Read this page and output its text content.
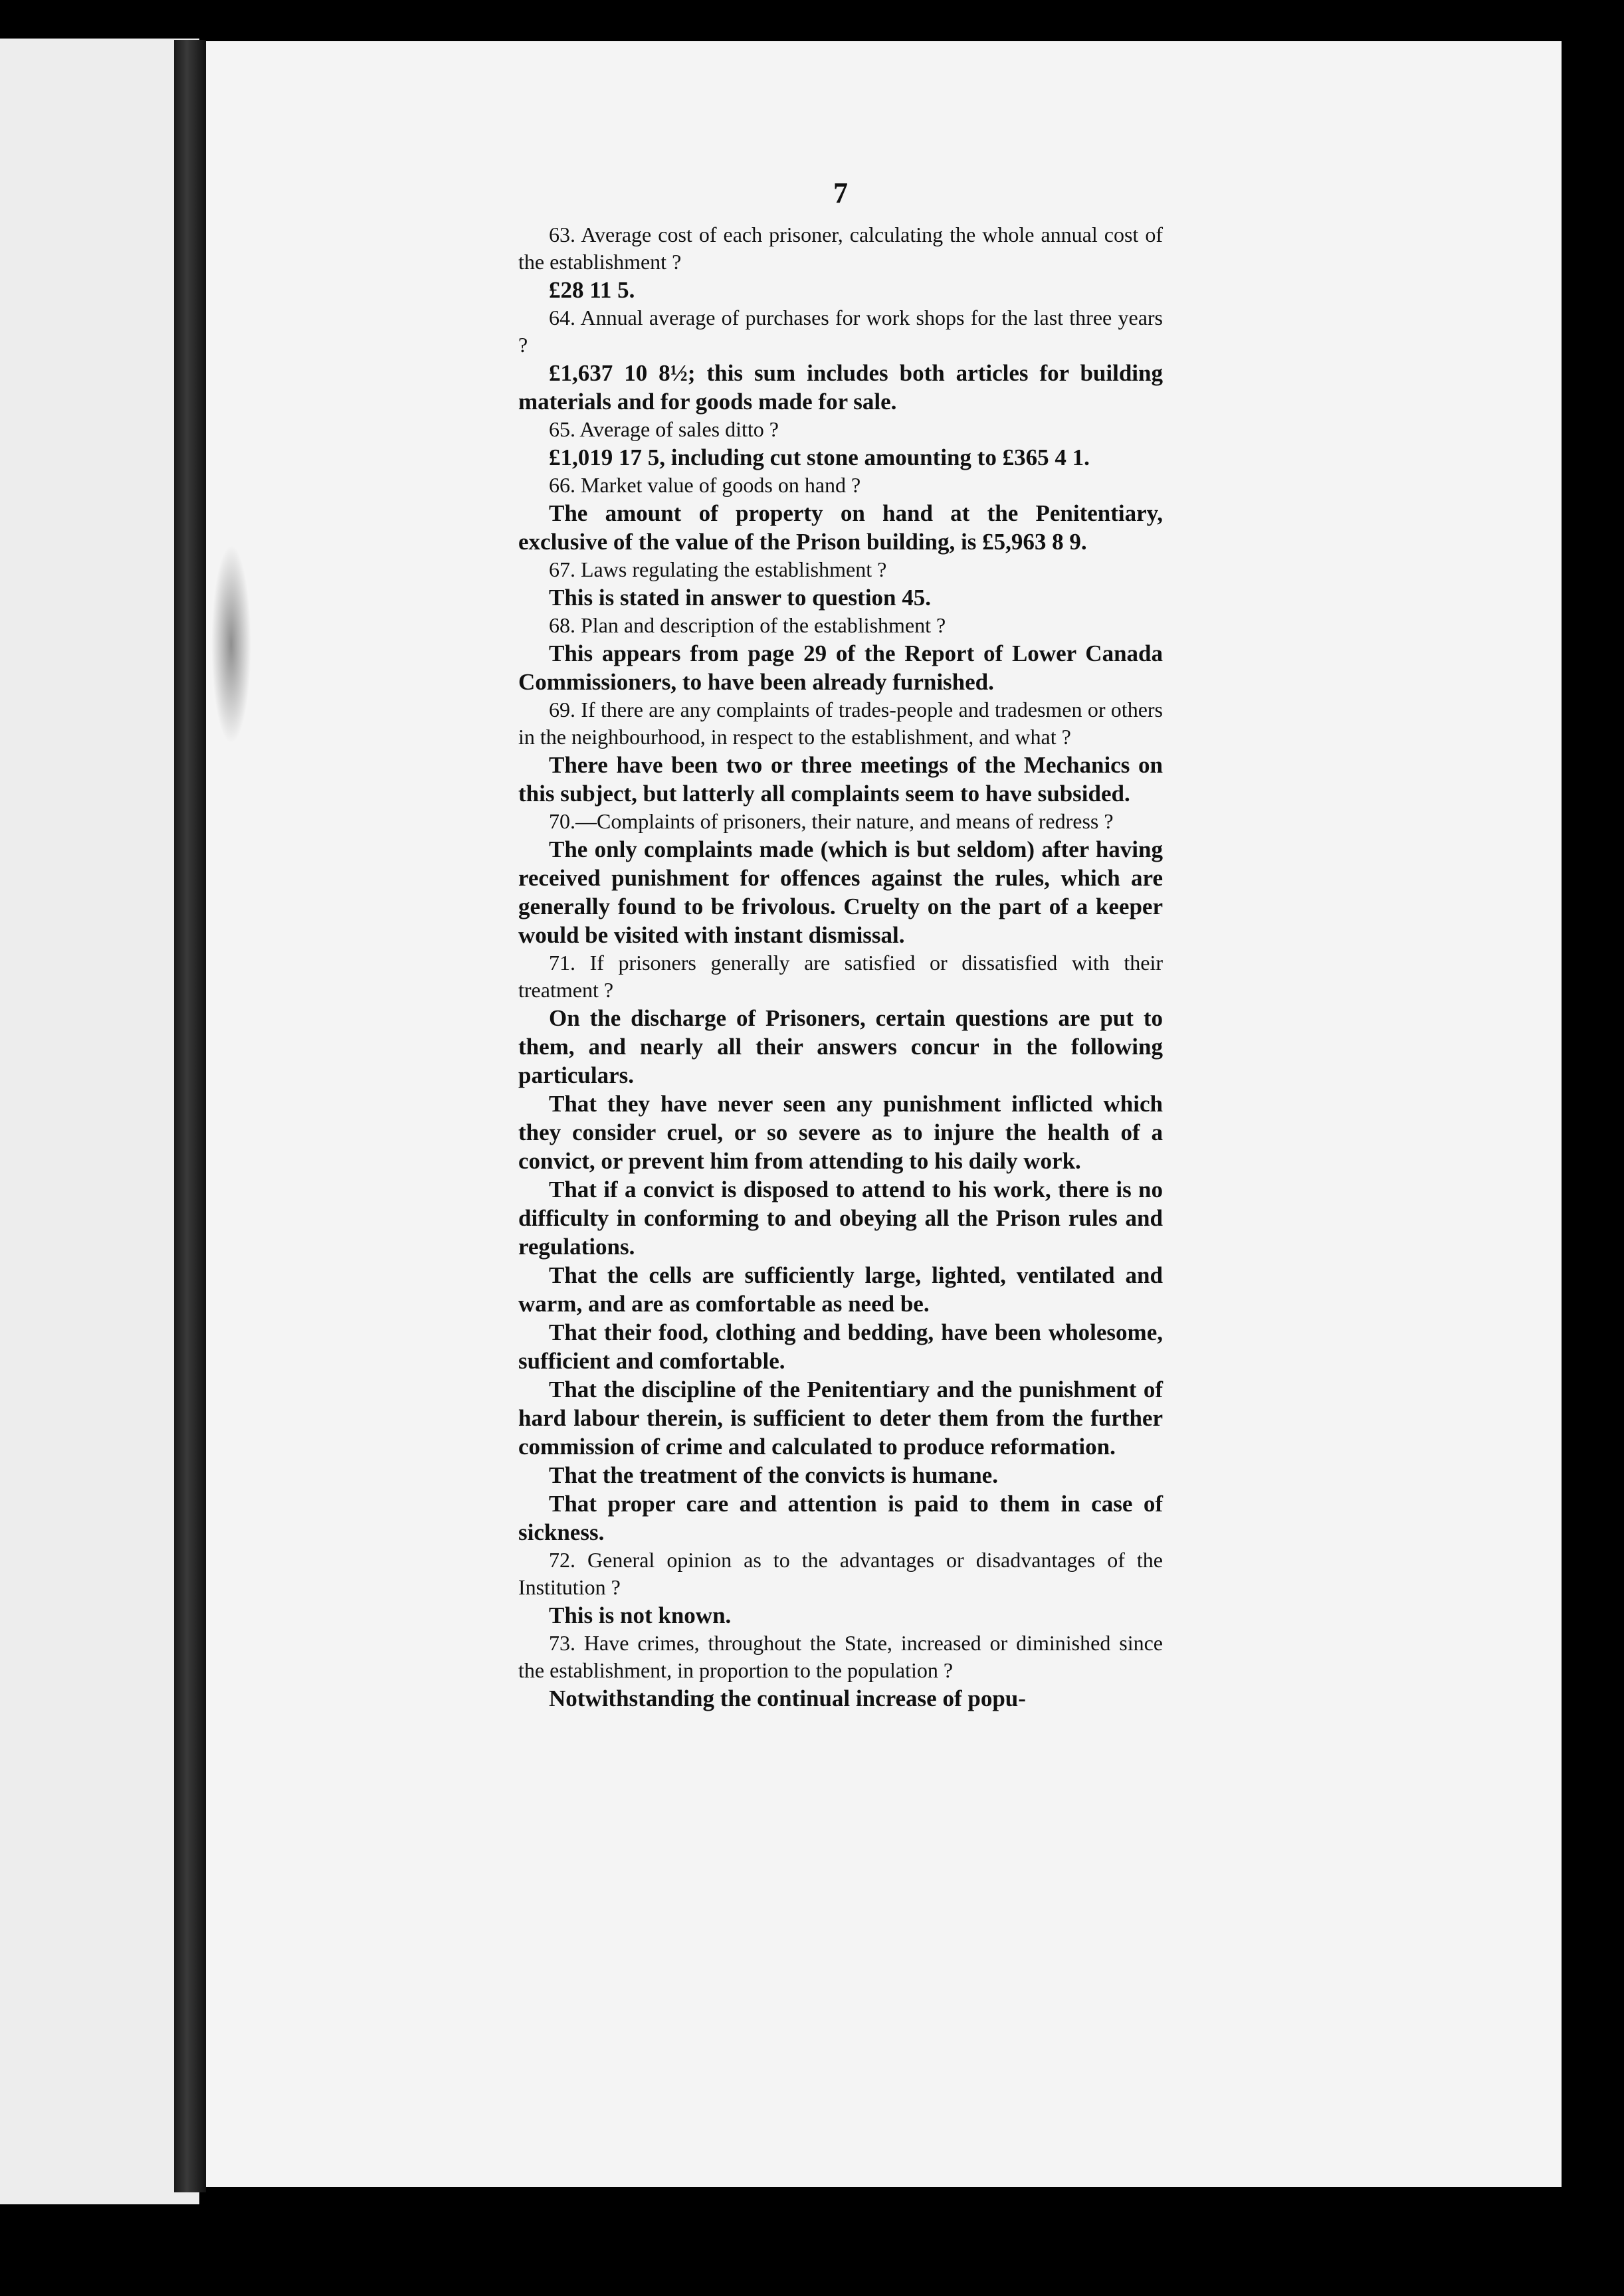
7

63. Average cost of each prisoner, calculating the whole annual cost of the establishment ?

£28 11 5.

64. Annual average of purchases for work shops for the last three years ?

£1,637 10 8½; this sum includes both articles for building materials and for goods made for sale.

65. Average of sales ditto ?

£1,019 17 5, including cut stone amounting to £365 4 1.

66. Market value of goods on hand ?

The amount of property on hand at the Penitentiary, exclusive of the value of the Prison building, is £5,963 8 9.

67. Laws regulating the establishment ?

This is stated in answer to question 45.

68. Plan and description of the establishment ?

This appears from page 29 of the Report of Lower Canada Commissioners, to have been already furnished.

69. If there are any complaints of trades-people and tradesmen or others in the neighbourhood, in respect to the establishment, and what ?

There have been two or three meetings of the Mechanics on this subject, but latterly all complaints seem to have subsided.

70.—Complaints of prisoners, their nature, and means of redress ?

The only complaints made (which is but seldom) after having received punishment for offences against the rules, which are generally found to be frivolous. Cruelty on the part of a keeper would be visited with instant dismissal.

71. If prisoners generally are satisfied or dissatisfied with their treatment ?

On the discharge of Prisoners, certain questions are put to them, and nearly all their answers concur in the following particulars.

That they have never seen any punishment inflicted which they consider cruel, or so severe as to injure the health of a convict, or prevent him from attending to his daily work.

That if a convict is disposed to attend to his work, there is no difficulty in conforming to and obeying all the Prison rules and regulations.

That the cells are sufficiently large, lighted, ventilated and warm, and are as comfortable as need be.

That their food, clothing and bedding, have been wholesome, sufficient and comfortable.

That the discipline of the Penitentiary and the punishment of hard labour therein, is sufficient to deter them from the further commission of crime and calculated to produce reformation.

That the treatment of the convicts is humane.

That proper care and attention is paid to them in case of sickness.

72. General opinion as to the advantages or disadvantages of the Institution ?

This is not known.

73. Have crimes, throughout the State, increased or diminished since the establishment, in proportion to the population ?

Notwithstanding the continual increase of popu-
